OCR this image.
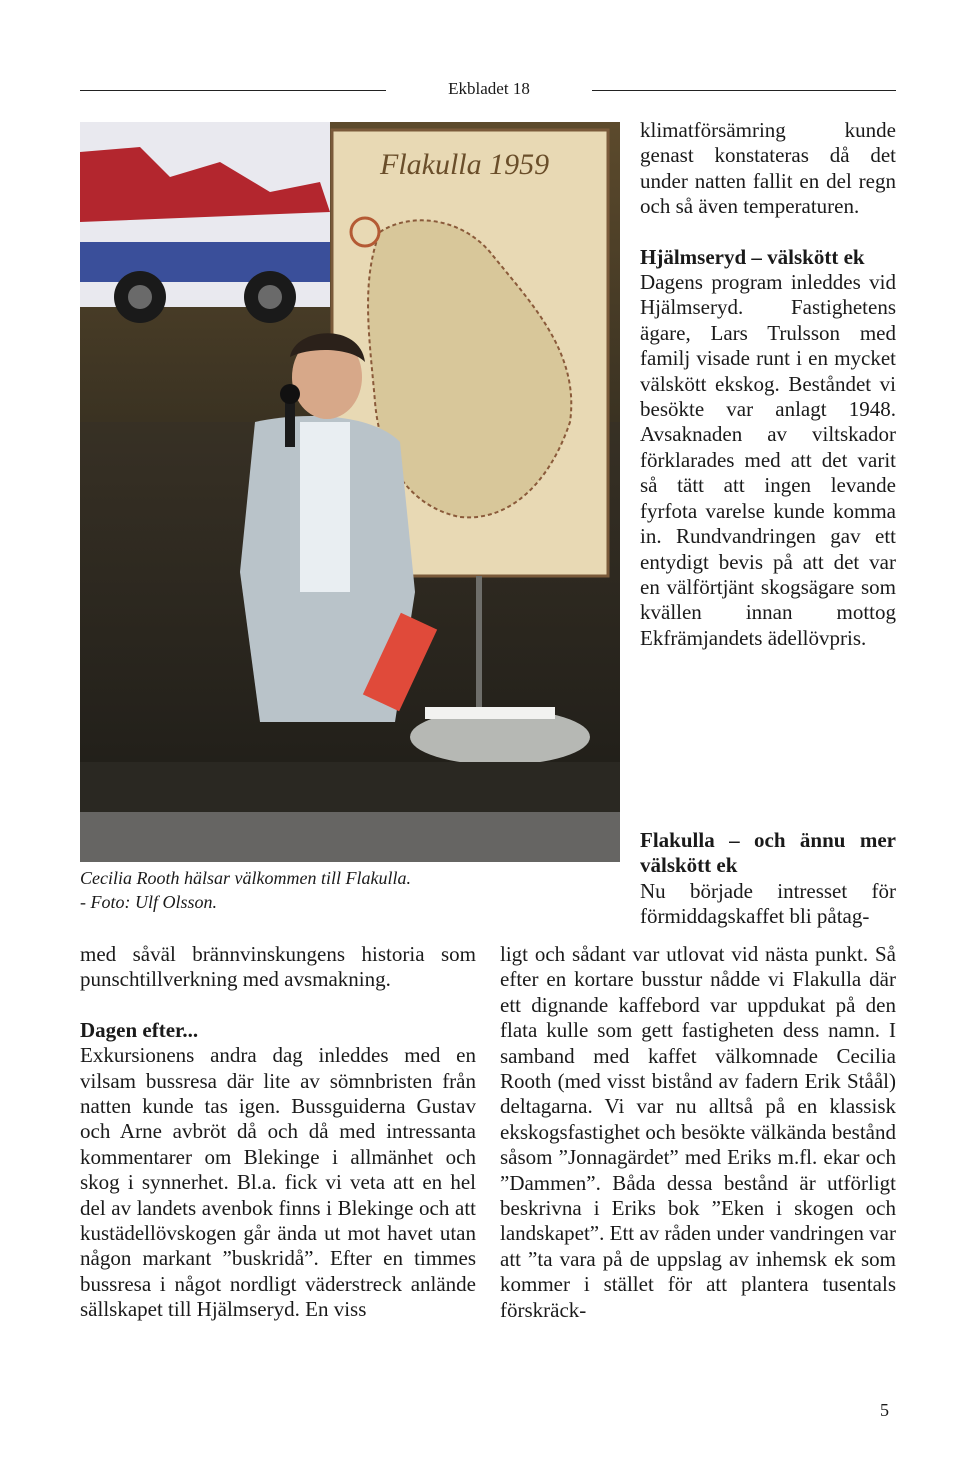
Ekbladet 18
Flakulla 1959
Cecilia Rooth hälsar välkommen till Flakulla.
- Foto: Ulf Olsson.

med såväl brännvinskungens historia som punschtillverkning med avsmakning.

Dagen efter...

Exkursionens andra dag inleddes med en vilsam bussresa där lite av sömnbristen från natten kunde tas igen. Bussguiderna Gustav och Arne avbröt då och då med intressanta kommentarer om Blekinge i allmänhet och skog i synnerhet. Bl.a. fick vi veta att en hel del av landets avenbok finns i Blekinge och att kustädellövskogen går ända ut mot havet utan någon markant ”buskridå”. Efter en timmes bussresa i något nordligt väderstreck anlände sällskapet till Hjälmseryd. En viss

klimatförsämring kunde genast konstateras då det under natten fallit en del regn och så även temperaturen.

Hjälmseryd – välskött ek

Dagens program inleddes vid Hjälmseryd. Fastighetens ägare, Lars Trulsson med familj visade runt i en mycket välskött ekskog. Beståndet vi besökte var anlagt 1948. Avsaknaden av viltskador förklarades med att det varit så tätt att ingen levande fyrfota varelse kunde komma in. Rundvandringen gav ett entydigt bevis på att det var en välförtjänt skogsägare som kvällen innan mottog Ekfrämjandets ädellövpris.

Flakulla – och ännu mer välskött ek

Nu började intresset för förmiddagskaffet bli påtag-

ligt och sådant var utlovat vid nästa punkt. Så efter en kortare busstur nådde vi Flakulla där ett dignande kaffebord var uppdukat på den flata kulle som gett fastigheten dess namn. I samband med kaffet välkomnade Cecilia Rooth (med visst bistånd av fadern Erik Ståål) deltagarna. Vi var nu alltså på en klassisk ekskogsfastighet och besökte välkända bestånd såsom ”Jonnagärdet” med Eriks m.fl. ekar och ”Dammen”. Båda dessa bestånd är utförligt beskrivna i Eriks bok ”Eken i skogen och landskapet”. Ett av råden under vandringen var att ”ta vara på de uppslag av inhemsk ek som kommer i stället för att plantera tusentals förskräck-

5
